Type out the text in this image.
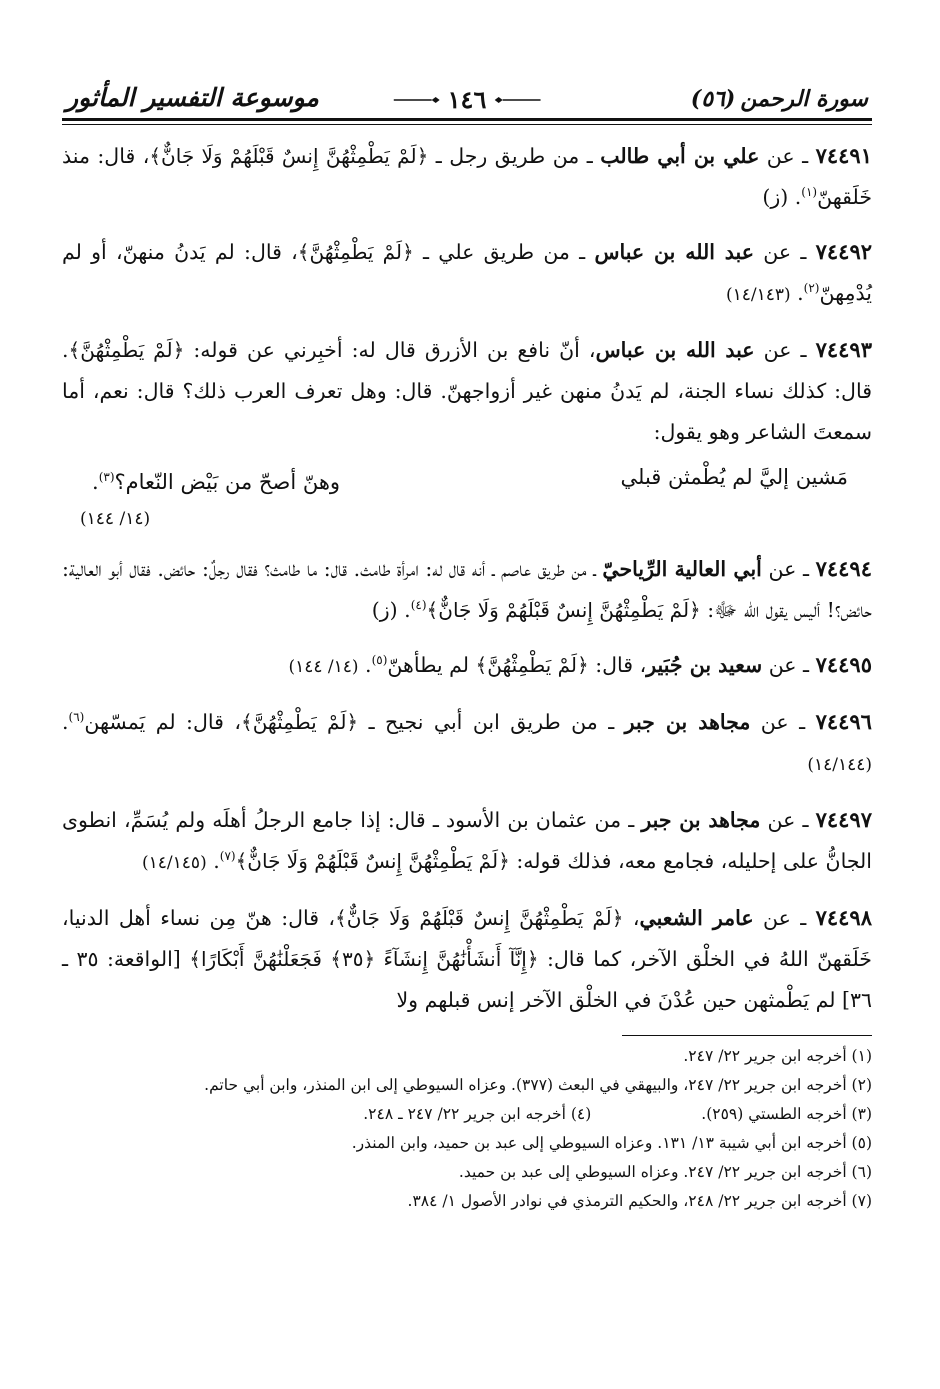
سورة الرحمن (٥٦)
١٤٦
موسوعة التفسير المأثور

٧٤٤٩١ ـ عن علي بن أبي طالب ـ من طريق رجل ـ ﴿لَمْ يَطْمِثْهُنَّ إِنسٌ قَبْلَهُمْ وَلَا جَانٌّ﴾، قال: منذ خَلَقهنّ$^{(١)}$. (ز)

٧٤٤٩٢ ـ عن عبد الله بن عباس ـ من طريق علي ـ ﴿لَمْ يَطْمِثْهُنَّ﴾، قال: لم يَدنُ منهنّ، أو لم يُدْمِهنّ$^{(٢)}$. (١٤/١٤٣)

٧٤٤٩٣ ـ عن عبد الله بن عباس، أنّ نافع بن الأزرق قال له: أخبِرني عن قوله: ﴿لَمْ يَطْمِثْهُنَّ﴾. قال: كذلك نساء الجنة، لم يَدنُ منهن غير أزواجهنّ. قال: وهل تعرف العرب ذلك؟ قال: نعم، أما سمعتَ الشاعر وهو يقول:

مَشين إليَّ لم يُطْمثن قبلي
وهنّ أصحّ من بَيْض النّعام؟$^{(٣)}$.
(١٤/ ١٤٤)

٧٤٤٩٤ ـ عن أبي العالية الرِّياحيّ ـ من طريق عاصم ـ أنه قال له: امرأة طامث. قال: ما طامث؟ فقال رجلٌ: حائض. فقال أبو العالية: حائض؟! أليس يقول الله ﷻ: ﴿لَمْ يَطْمِثْهُنَّ إِنسٌ قَبْلَهُمْ وَلَا جَانٌّ﴾$^{(٤)}$. (ز)

٧٤٤٩٥ ـ عن سعيد بن جُبَير، قال: ﴿لَمْ يَطْمِثْهُنَّ﴾ لم يطأهنّ$^{(٥)}$. (١٤/ ١٤٤)

٧٤٤٩٦ ـ عن مجاهد بن جبر ـ من طريق ابن أبي نجيح ـ ﴿لَمْ يَطْمِثْهُنَّ﴾، قال: لم يَمسّهن$^{(٦)}$. (١٤/١٤٤)

٧٤٤٩٧ ـ عن مجاهد بن جبر ـ من عثمان بن الأسود ـ قال: إذا جامع الرجلُ أهلَه ولم يُسَمِّ، انطوى الجانُّ على إحليله، فجامع معه، فذلك قوله: ﴿لَمْ يَطْمِثْهُنَّ إِنسٌ قَبْلَهُمْ وَلَا جَانٌّ﴾$^{(٧)}$. (١٤/١٤٥)

٧٤٤٩٨ ـ عن عامر الشعبي، ﴿لَمْ يَطْمِثْهُنَّ إِنسٌ قَبْلَهُمْ وَلَا جَانٌّ﴾، قال: هنّ مِن نساء أهل الدنيا، خَلَقهنّ اللهُ في الخلْق الآخر، كما قال: ﴿إِنَّآ أَنشَأْنَٰهُنَّ إِنشَآءً ﴿٣٥﴾ فَجَعَلْنَٰهُنَّ أَبْكَارًا﴾ [الواقعة: ٣٥ ـ ٣٦] لم يَطْمثهن حين عُدْنَ في الخلْق الآخر إنس قبلهم ولا

(١) أخرجه ابن جرير ٢٢/ ٢٤٧.
(٢) أخرجه ابن جرير ٢٢/ ٢٤٧، والبيهقي في البعث (٣٧٧). وعزاه السيوطي إلى ابن المنذر، وابن أبي حاتم.
(٣) أخرجه الطستي (٢٥٩).
(٤) أخرجه ابن جرير ٢٢/ ٢٤٧ ـ ٢٤٨.
(٥) أخرجه ابن أبي شيبة ١٣/ ١٣١. وعزاه السيوطي إلى عبد بن حميد، وابن المنذر.
(٦) أخرجه ابن جرير ٢٢/ ٢٤٧. وعزاه السيوطي إلى عبد بن حميد.
(٧) أخرجه ابن جرير ٢٢/ ٢٤٨، والحكيم الترمذي في نوادر الأصول ١/ ٣٨٤.
